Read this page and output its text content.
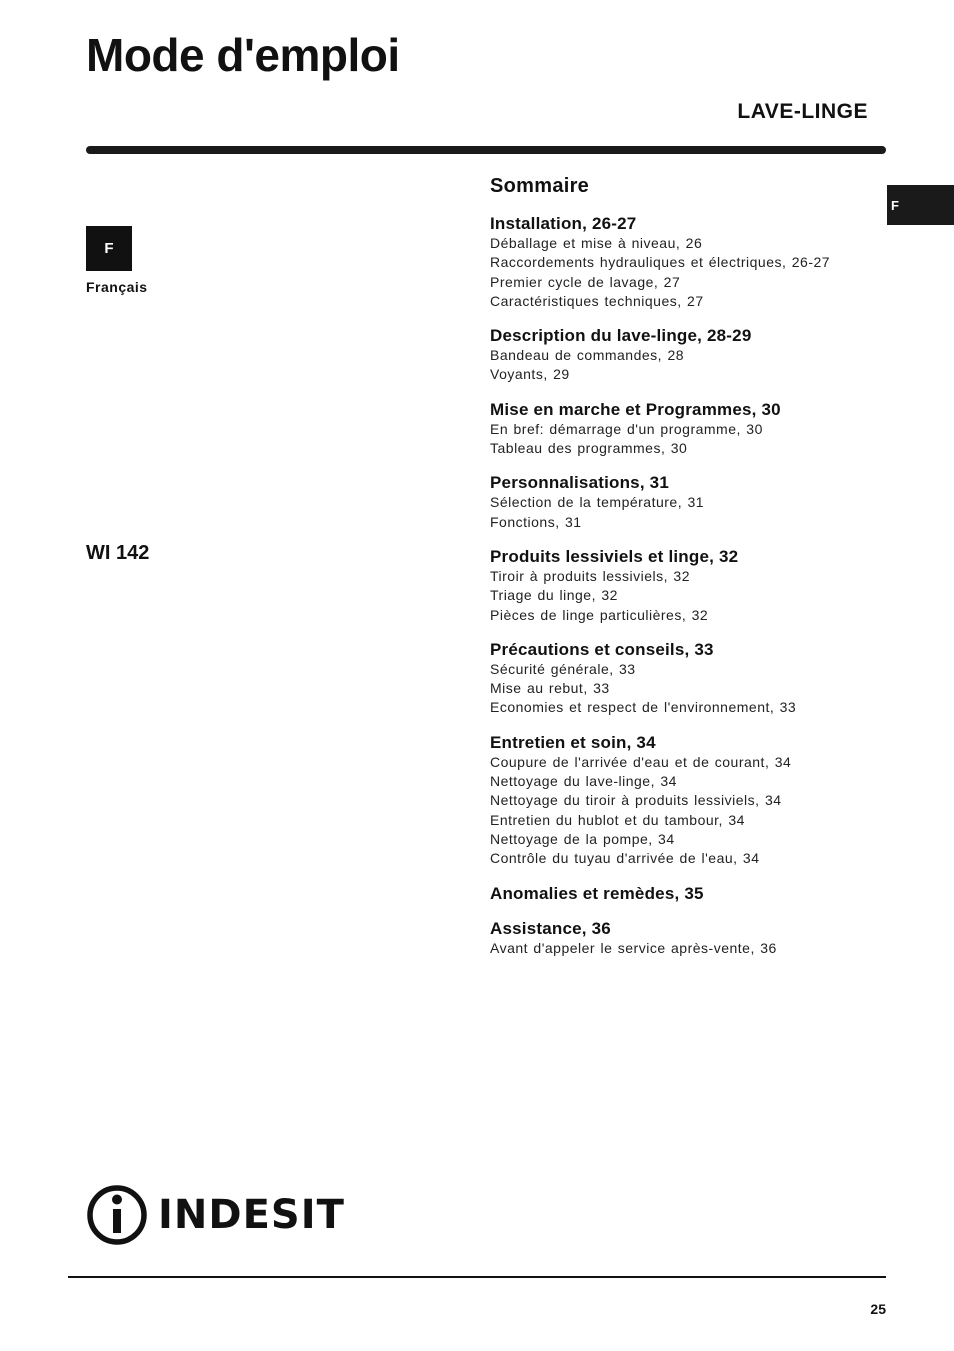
Mode d'emploi
LAVE-LINGE
F
F
Français
WI 142
Sommaire
Installation, 26-27
Déballage et mise à niveau, 26
Raccordements hydrauliques et électriques, 26-27
Premier cycle de lavage, 27
Caractéristiques techniques, 27
Description du lave-linge, 28-29
Bandeau de commandes, 28
Voyants, 29
Mise en marche et Programmes, 30
En bref: démarrage d'un programme, 30
Tableau des programmes, 30
Personnalisations, 31
Sélection de la température, 31
Fonctions, 31
Produits lessiviels et linge, 32
Tiroir à produits lessiviels, 32
Triage du linge, 32
Pièces de linge particulières, 32
Précautions et conseils, 33
Sécurité générale, 33
Mise au rebut, 33
Economies et respect de l'environnement, 33
Entretien et soin, 34
Coupure de l'arrivée d'eau et de courant, 34
Nettoyage du lave-linge, 34
Nettoyage du tiroir à produits lessiviels, 34
Entretien du hublot et du tambour, 34
Nettoyage de la pompe, 34
Contrôle du tuyau d'arrivée de l'eau, 34
Anomalies et remèdes, 35
Assistance, 36
Avant d'appeler le service après-vente, 36
INDESIT
25
